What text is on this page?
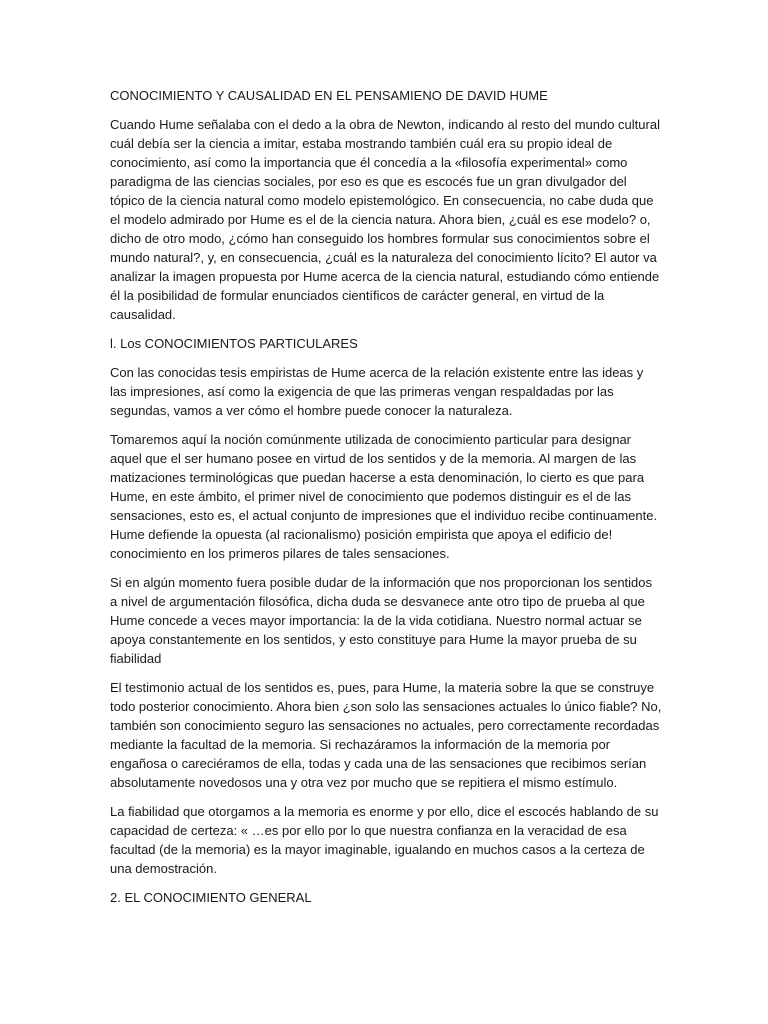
CONOCIMIENTO Y CAUSALIDAD EN EL PENSAMIENO DE DAVID HUME

Cuando Hume señalaba con el dedo a la obra de Newton, indicando al resto del mundo cultural cuál debía ser la ciencia a imitar, estaba mostrando también cuál era su propio ideal de conocimiento, así como la importancia que él concedía a la «filosofía experimental» como paradigma de las ciencias sociales, por eso es que es escocés fue un gran divulgador del tópico de la ciencia natural como modelo epistemológico. En consecuencia, no cabe duda que el modelo admirado por Hume es el de la ciencia natura. Ahora bien, ¿cuál es ese modelo? o, dicho de otro modo, ¿cómo han conseguido los hombres formular sus conocimientos sobre el mundo natural?, y, en consecuencia, ¿cuál es la naturaleza del conocimiento lícito? El autor va analizar la imagen propuesta por Hume acerca de la ciencia natural, estudiando cómo entiende él la posibilidad de formular enunciados científicos de carácter general, en virtud de la causalidad.

l. Los CONOCIMIENTOS PARTICULARES

Con las conocidas tesis empiristas de Hume acerca de la relación existente entre las ideas y las impresiones, así como la exigencia de que las primeras vengan respaldadas por las segundas, vamos a ver cómo el hombre puede conocer la naturaleza.

Tomaremos aquí la noción comúnmente utilizada de conocimiento particular para designar aquel que el ser humano posee en virtud de los sentidos y de la memoria. Al margen de las matizaciones terminológicas que puedan hacerse a esta denominación, lo cierto es que para Hume, en este ámbito, el primer nivel de conocimiento que podemos distinguir es el de las sensaciones, esto es, el actual conjunto de impresiones que el individuo recibe continuamente. Hume defiende la opuesta (al racionalismo) posición empirista que apoya el edificio de! conocimiento en los primeros pilares de tales sensaciones.

Si en algún momento fuera posible dudar de la información que nos proporcionan los sentidos a nivel de argumentación filosófica, dicha duda se desvanece ante otro tipo de prueba al que Hume concede a veces mayor importancia: la de la vida cotidiana. Nuestro normal actuar se apoya constantemente en los sentidos, y esto constituye para Hume la mayor prueba de su fiabilidad

El testimonio actual de los sentidos es, pues, para Hume, la materia sobre la que se construye todo posterior conocimiento. Ahora bien ¿son solo las sensaciones actuales lo único fiable? No, también son conocimiento seguro las sensaciones no actuales, pero correctamente recordadas mediante la facultad de la memoria. Si rechazáramos la información de la memoria por engañosa o careciéramos de ella, todas y cada una de las sensaciones que recibimos serían absolutamente novedosos una y otra vez por mucho que se repitiera el mismo estímulo.

La fiabilidad que otorgamos a la memoria es enorme y por ello, dice el escocés hablando de su capacidad de certeza: « …es por ello por lo que nuestra confianza en la veracidad de esa facultad (de la memoria) es la mayor imaginable, igualando en muchos casos a la certeza de una demostración.

2. EL CONOCIMIENTO GENERAL
